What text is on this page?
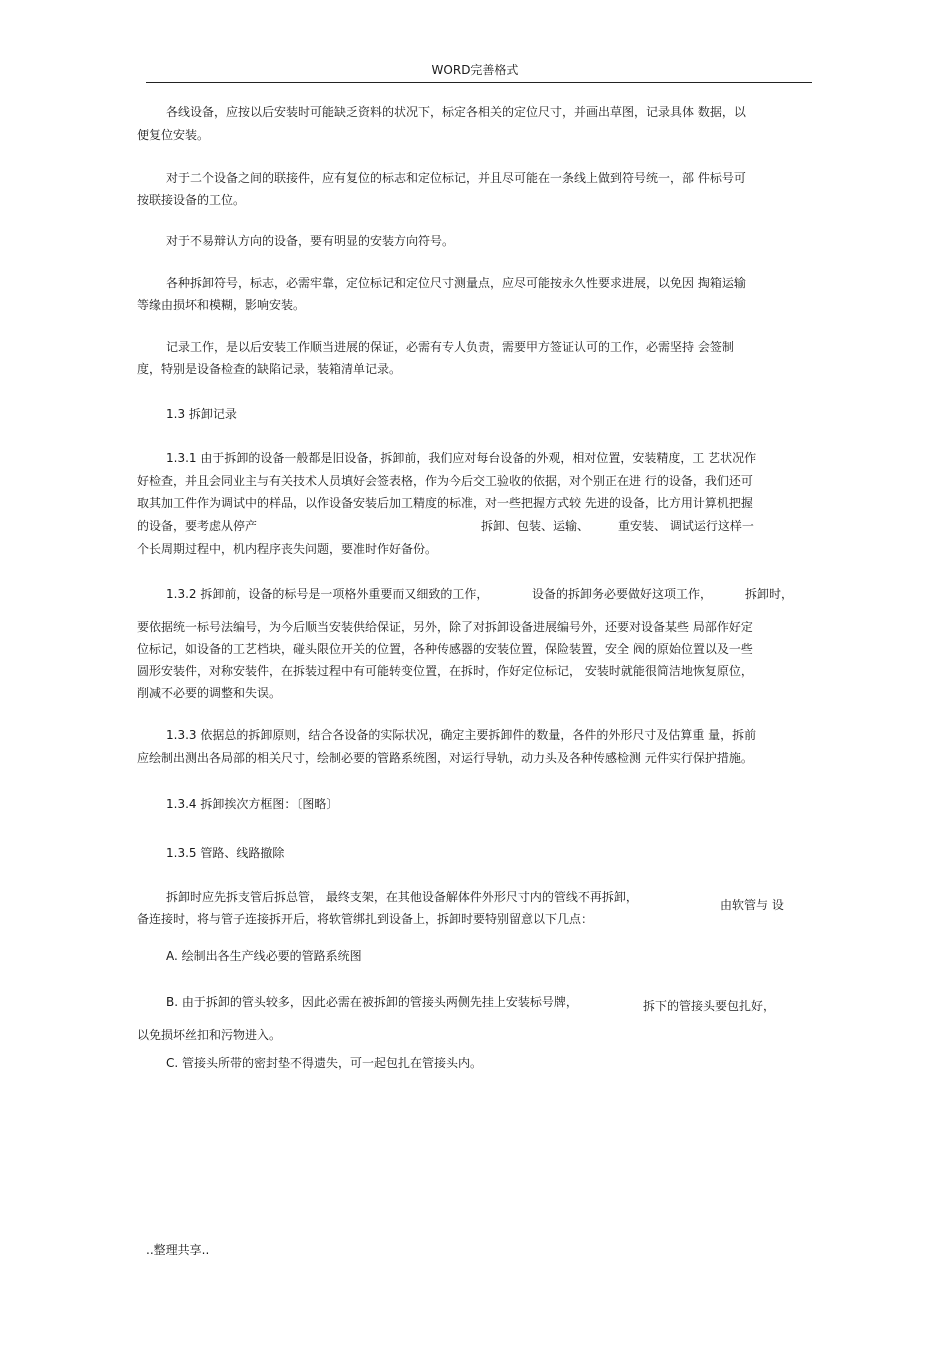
WORD完善格式
各线设备，应按以后安装时可能缺乏资料的状况下，标定各相关的定位尺寸，并画出草图，记录具体 数据，以
便复位安装。
对于二个设备之间的联接件，应有复位的标志和定位标记，并且尽可能在一条线上做到符号统一，部 件标号可
按联接设备的工位。
对于不易辩认方向的设备，要有明显的安装方向符号。
各种拆卸符号，标志，必需牢靠，定位标记和定位尺寸测量点，应尽可能按永久性要求进展，以免因 掏箱运输
等缘由损坏和模糊，影响安装。
记录工作，是以后安装工作顺当进展的保证，必需有专人负责，需要甲方签证认可的工作，必需坚持 会签制
度，特别是设备检查的缺陷记录，装箱清单记录。
1.3 拆卸记录
1.3.1 由于拆卸的设备一般都是旧设备，拆卸前，我们应对每台设备的外观，相对位置，安装精度，工 艺状况作
好检查，并且会同业主与有关技术人员填好会签表格，作为今后交工验收的依据，对个别正在进 行的设备，我们还可
取其加工件作为调试中的样品，以作设备安装后加工精度的标准，对一些把握方式较 先进的设备，比方用计算机把握
的设备，要考虑从停产	拆卸、包装、运输、 重安装、 调试运行这样一
个长周期过程中，机内程序丧失问题，要准时作好备份。
1.3.2 拆卸前，设备的标号是一项格外重要而又细致的工作，	设备的拆卸务必要做好这项工作，	拆卸时，
要依据统一标号法编号，为今后顺当安装供给保证，另外，除了对拆卸设备进展编号外，还要对设备某些 局部作好定
位标记，如设备的工艺档块，碰头限位开关的位置，各种传感器的安装位置，保险装置，安全 阀的原始位置以及一些
圆形安装件，对称安装件，在拆装过程中有可能转变位置，在拆时，作好定位标记， 安装时就能很简洁地恢复原位，
削减不必要的调整和失误。
1.3.3 依据总的拆卸原则，结合各设备的实际状况，确定主要拆卸件的数量，各件的外形尺寸及估算重 量，拆前
应绘制出测出各局部的相关尺寸，绘制必要的管路系统图，对运行导轨，动力头及各种传感检测 元件实行保护措施。
1.3.4 拆卸挨次方框图：〔图略〕
1.3.5 管路、线路撤除
拆卸时应先拆支管后拆总管， 最终支架，在其他设备解体件外形尺寸内的管线不再拆卸，
由软管与 设
备连接时，将与管子连接拆开后，将软管绑扎到设备上，拆卸时要特别留意以下几点：
A. 绘制出各生产线必要的管路系统图
B. 由于拆卸的管头较多，因此必需在被拆卸的管接头两侧先挂上安装标号牌，	拆下的管接头要包扎好，
以免损坏丝扣和污物进入。
C. 管接头所带的密封垫不得遗失，可一起包扎在管接头内。
..整理共享..
